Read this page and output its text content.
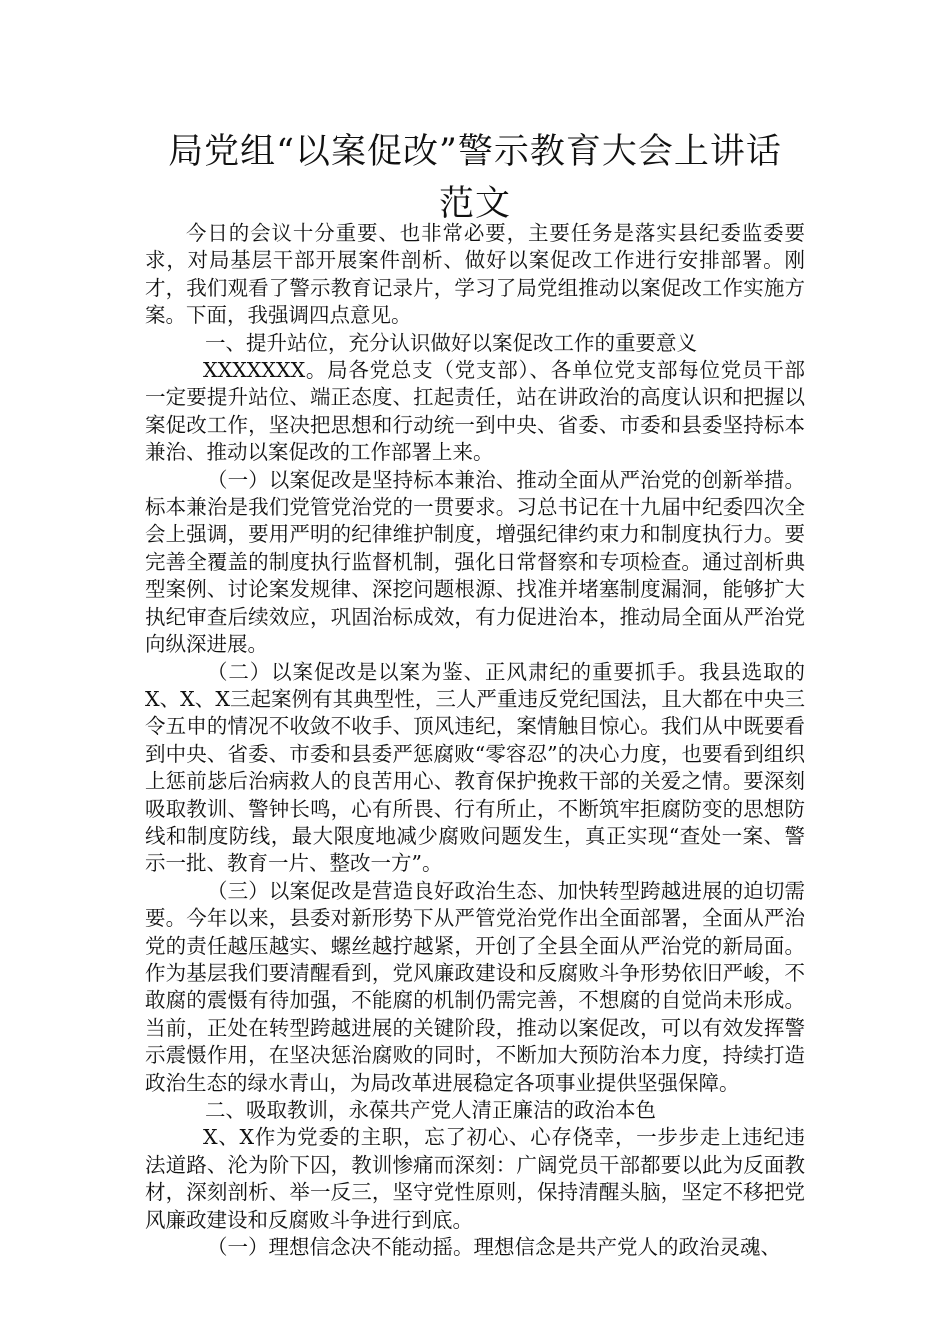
局党组“以案促改”警示教育大会上讲话
范文

今日的会议十分重要、也非常必要，主要任务是落实县纪委监委要求，对局基层干部开展案件剖析、做好以案促改工作进行安排部署。刚才，我们观看了警示教育记录片，学习了局党组推动以案促改工作实施方案。下面，我强调四点意见。

一、提升站位，充分认识做好以案促改工作的重要意义

XXXXXXX。局各党总支（党支部）、各单位党支部每位党员干部一定要提升站位、端正态度、扛起责任，站在讲政治的高度认识和把握以案促改工作，坚决把思想和行动统一到中央、省委、市委和县委坚持标本兼治、推动以案促改的工作部署上来。

（一）以案促改是坚持标本兼治、推动全面从严治党的创新举措。标本兼治是我们党管党治党的一贯要求。习总书记在十九届中纪委四次全会上强调，要用严明的纪律维护制度，增强纪律约束力和制度执行力。要完善全覆盖的制度执行监督机制，强化日常督察和专项检查。通过剖析典型案例、讨论案发规律、深挖问题根源、找准并堵塞制度漏洞，能够扩大执纪审查后续效应，巩固治标成效，有力促进治本，推动局全面从严治党向纵深进展。

（二）以案促改是以案为鉴、正风肃纪的重要抓手。我县选取的X、X、X三起案例有其典型性，三人严重违反党纪国法，且大都在中央三令五申的情况不收敛不收手、顶风违纪，案情触目惊心。我们从中既要看到中央、省委、市委和县委严惩腐败“零容忍”的决心力度，也要看到组织上惩前毖后治病救人的良苦用心、教育保护挽救干部的关爱之情。要深刻吸取教训、警钟长鸣，心有所畏、行有所止，不断筑牢拒腐防变的思想防线和制度防线，最大限度地减少腐败问题发生，真正实现“查处一案、警示一批、教育一片、整改一方”。

（三）以案促改是营造良好政治生态、加快转型跨越进展的迫切需要。今年以来，县委对新形势下从严管党治党作出全面部署，全面从严治党的责任越压越实、螺丝越拧越紧，开创了全县全面从严治党的新局面。作为基层我们要清醒看到，党风廉政建设和反腐败斗争形势依旧严峻，不敢腐的震慑有待加强，不能腐的机制仍需完善，不想腐的自觉尚未形成。当前，正处在转型跨越进展的关键阶段，推动以案促改，可以有效发挥警示震慑作用，在坚决惩治腐败的同时，不断加大预防治本力度，持续打造政治生态的绿水青山，为局改革进展稳定各项事业提供坚强保障。

二、吸取教训，永葆共产党人清正廉洁的政治本色

X、X作为党委的主职，忘了初心、心存侥幸，一步步走上违纪违法道路、沦为阶下囚，教训惨痛而深刻：广阔党员干部都要以此为反面教材，深刻剖析、举一反三，坚守党性原则，保持清醒头脑，坚定不移把党风廉政建设和反腐败斗争进行到底。

（一）理想信念决不能动摇。理想信念是共产党人的政治灵魂、
